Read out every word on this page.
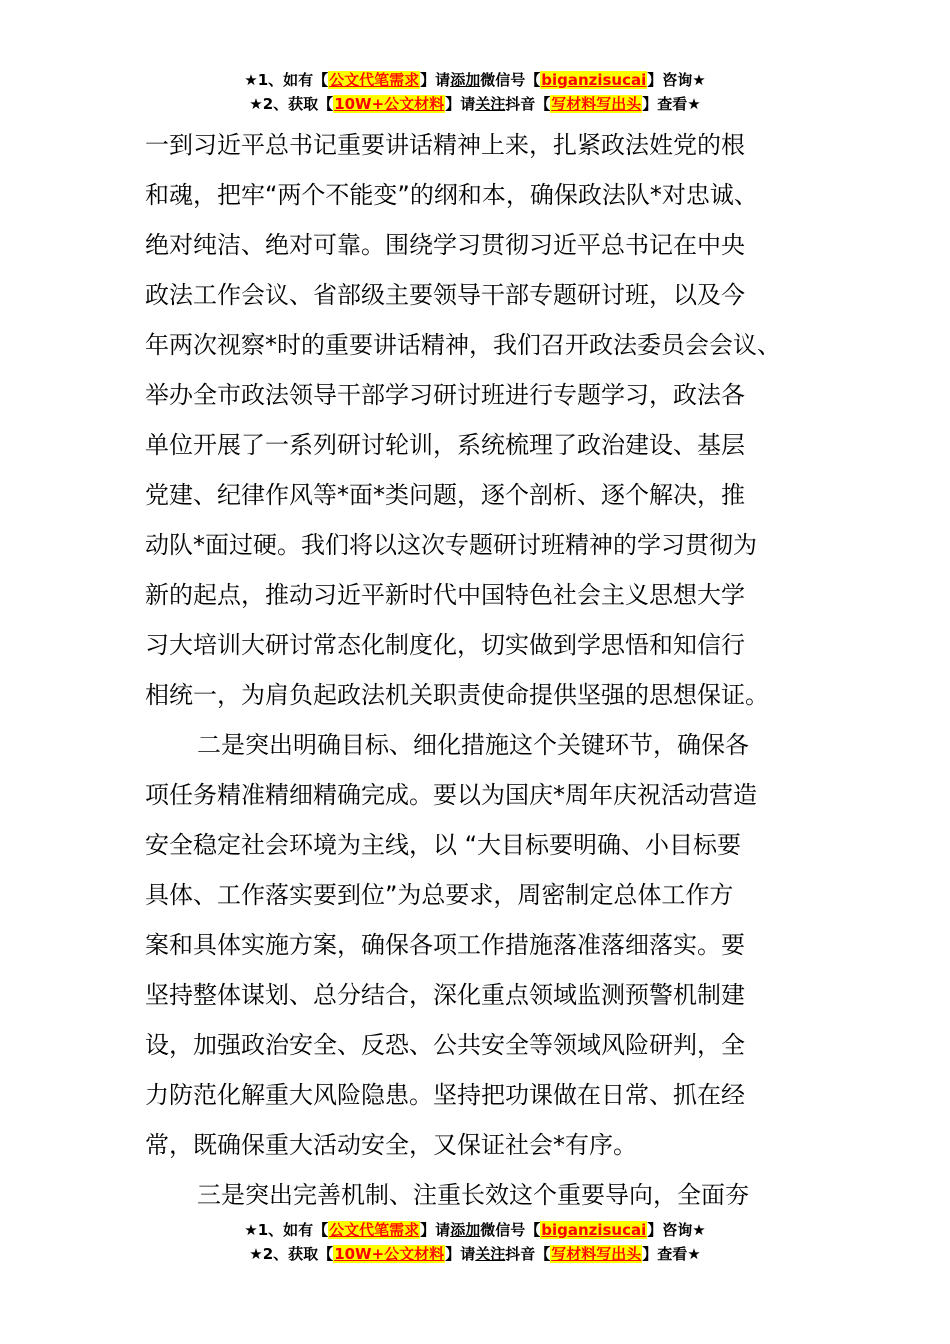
★1、如有【公文代笔需求】请添加微信号【biganzisucai】咨询★
★2、获取【10W+公文材料】请关注抖音【写材料写出头】查看★
一到习近平总书记重要讲话精神上来，扎紧政法姓党的根
和魂，把牢“两个不能变”的纲和本，确保政法队*对忠诚、
绝对纯洁、绝对可靠。围绕学习贯彻习近平总书记在中央
政法工作会议、省部级主要领导干部专题研讨班，以及今
年两次视察*时的重要讲话精神，我们召开政法委员会会议、
举办全市政法领导干部学习研讨班进行专题学习，政法各
单位开展了一系列研讨轮训，系统梳理了政治建设、基层
党建、纪律作风等*面*类问题，逐个剖析、逐个解决，推
动队*面过硬。我们将以这次专题研讨班精神的学习贯彻为
新的起点，推动习近平新时代中国特色社会主义思想大学
习大培训大研讨常态化制度化，切实做到学思悟和知信行
相统一，为肩负起政法机关职责使命提供坚强的思想保证。
二是突出明确目标、细化措施这个关键环节，确保各
项任务精准精细精确完成。要以为国庆*周年庆祝活动营造
安全稳定社会环境为主线，以 “大目标要明确、小目标要
具体、工作落实要到位”为总要求，周密制定总体工作方
案和具体实施方案，确保各项工作措施落准落细落实。要
坚持整体谋划、总分结合，深化重点领域监测预警机制建
设，加强政治安全、反恐、公共安全等领域风险研判，全
力防范化解重大风险隐患。坚持把功课做在日常、抓在经
常，既确保重大活动安全，又保证社会*有序。
三是突出完善机制、注重长效这个重要导向，全面夯
★1、如有【公文代笔需求】请添加微信号【biganzisucai】咨询★
★2、获取【10W+公文材料】请关注抖音【写材料写出头】查看★
